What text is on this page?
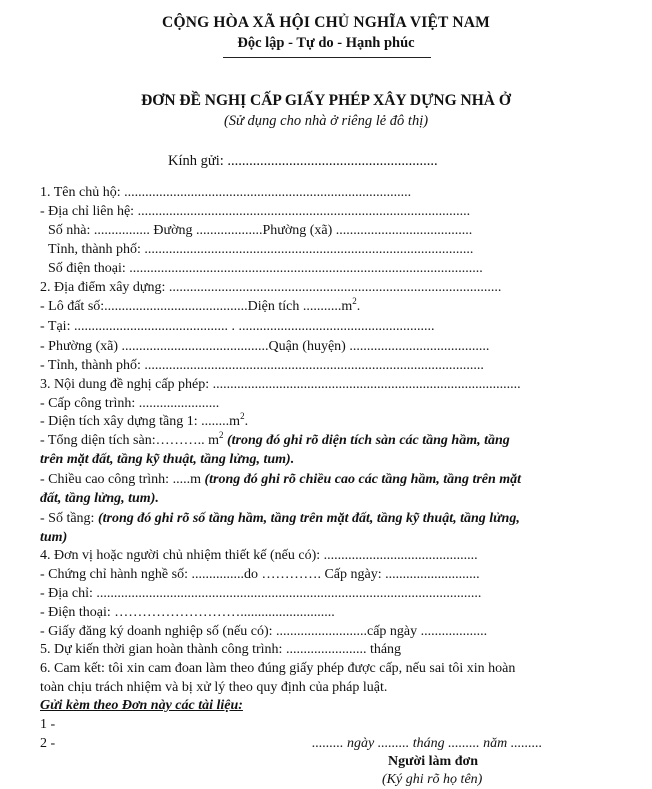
CỘNG HÒA XÃ HỘI CHỦ NGHĨA VIỆT NAM
Độc lập - Tự do - Hạnh phúc
ĐƠN ĐỀ NGHỊ CẤP GIẤY PHÉP XÂY DỰNG NHÀ Ở
(Sử dụng cho nhà ở riêng lẻ đô thị)
Kính gửi: ..........................................................
1. Tên chủ hộ: ..................................................................................
- Địa chỉ liên hệ: ...............................................................................................
Số nhà: ................ Đường ...................Phường (xã) .......................................
Tỉnh, thành phố: ..............................................................................................
Số điện thoại: .....................................................................................................
2. Địa điểm xây dựng: ...............................................................................................
- Lô đất số:.........................................Diện tích $...........m^2$.
- Tại: ............................................ . ........................................................
- Phường (xã) ..........................................Quận (huyện) ........................................
- Tỉnh, thành phố: .................................................................................................
3. Nội dung đề nghị cấp phép: ........................................................................................
- Cấp công trình: .......................
- Diện tích xây dựng tầng 1: $........m^2$.
- Tổng diện tích sàn:……….. $m^2$ (trong đó ghi rõ diện tích sàn các tầng hầm, tầng
trên mặt đất, tầng kỹ thuật, tầng lửng, tum).
- Chiều cao công trình: .....m (trong đó ghi rõ chiều cao các tầng hầm, tầng trên mặt
đất, tầng lửng, tum).
- Số tầng: (trong đó ghi rõ số tầng hầm, tầng trên mặt đất, tầng kỹ thuật, tầng lửng,
tum)
4. Đơn vị hoặc người chủ nhiệm thiết kế (nếu có): ............................................
- Chứng chỉ hành nghề số: ...............do …………. Cấp ngày: ...........................
- Địa chỉ: ..............................................................................................................
- Điện thoại: ………………………...........................
- Giấy đăng ký doanh nghiệp số (nếu có): ..........................cấp ngày ...................
5. Dự kiến thời gian hoàn thành công trình: ....................... tháng
6. Cam kết: tôi xin cam đoan làm theo đúng giấy phép được cấp, nếu sai tôi xin hoàn
toàn chịu trách nhiệm và bị xử lý theo quy định của pháp luật.
Gửi kèm theo Đơn này các tài liệu:
1 -
2 -	......... ngày ......... tháng ......... năm .........
Người làm đơn
(Ký ghi rõ họ tên)
